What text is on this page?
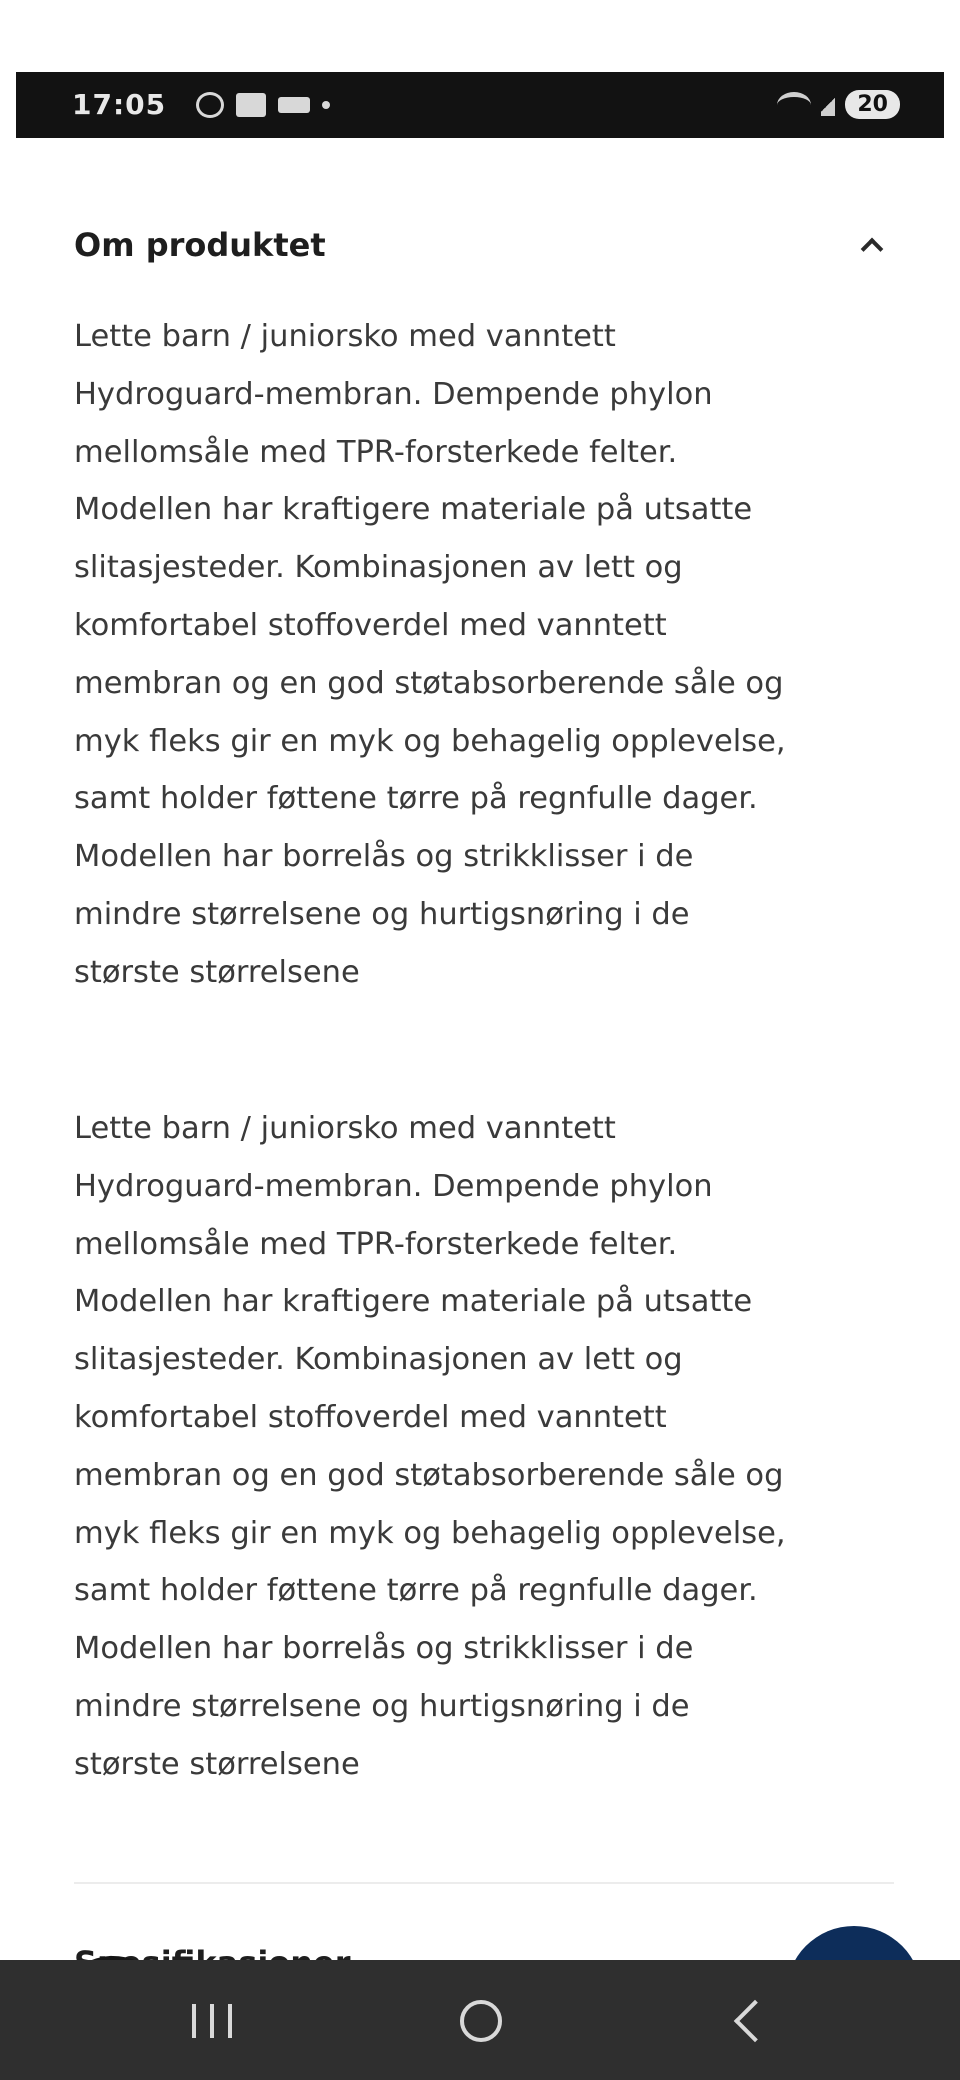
17:05	20
Om produktet
Lette barn / juniorsko med vanntett
Hydroguard-membran. Dempende phylon
mellomsåle med TPR-forsterkede felter.
Modellen har kraftigere materiale på utsatte
slitasjesteder. Kombinasjonen av lett og
komfortabel stoffoverdel med vanntett
membran og en god støtabsorberende såle og
myk fleks gir en myk og behagelig opplevelse,
samt holder føttene tørre på regnfulle dager.
Modellen har borrelås og strikklisser i de
mindre størrelsene og hurtigsnøring i de
største størrelsene
Lette barn / juniorsko med vanntett
Hydroguard-membran. Dempende phylon
mellomsåle med TPR-forsterkede felter.
Modellen har kraftigere materiale på utsatte
slitasjesteder. Kombinasjonen av lett og
komfortabel stoffoverdel med vanntett
membran og en god støtabsorberende såle og
myk fleks gir en myk og behagelig opplevelse,
samt holder føttene tørre på regnfulle dager.
Modellen har borrelås og strikklisser i de
mindre størrelsene og hurtigsnøring i de
største størrelsene
